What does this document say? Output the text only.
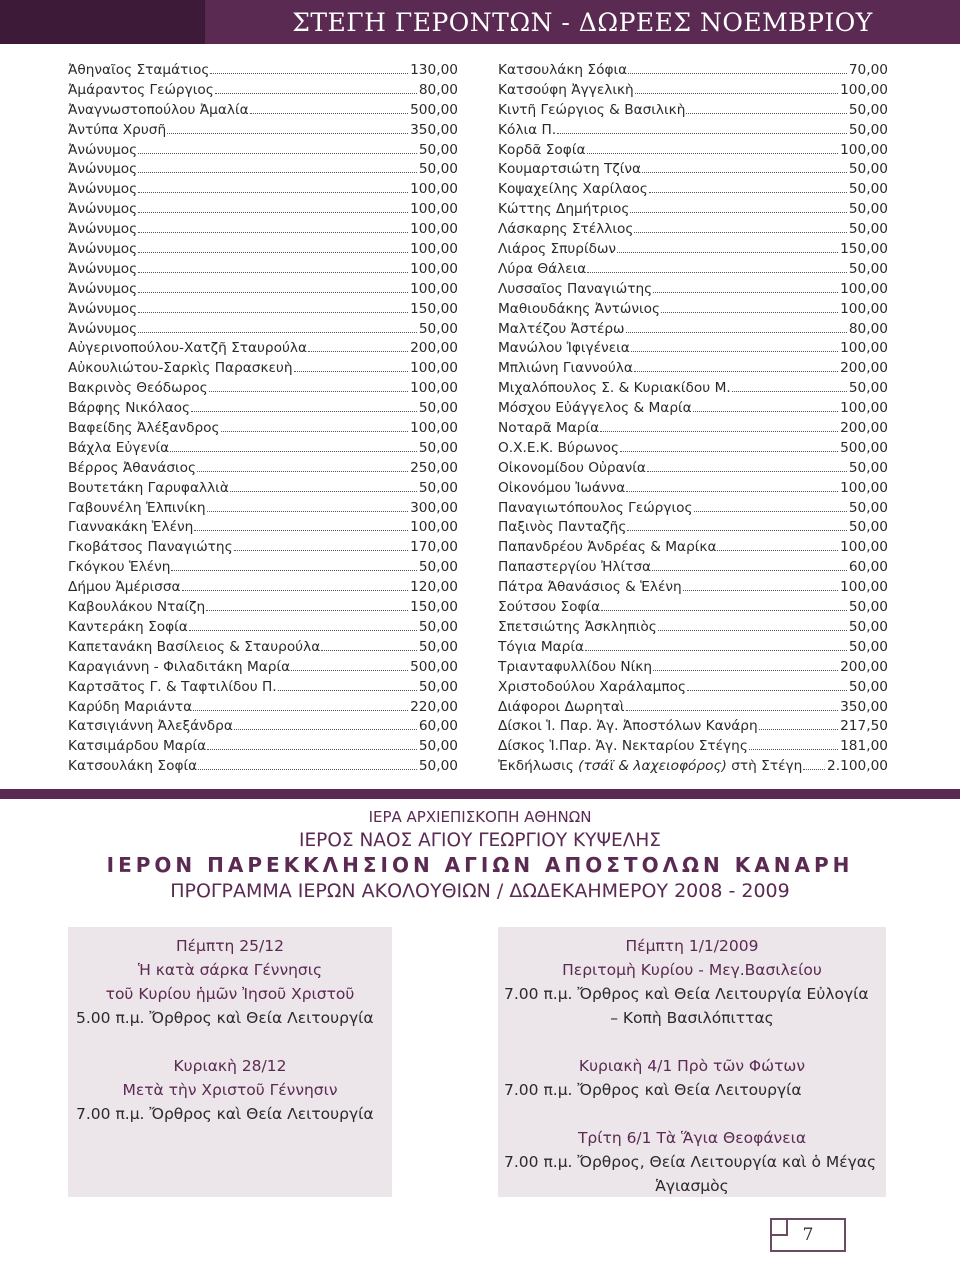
ΣΤΕΓΗ ΓΕΡΟΝΤΩΝ - ΔΩΡΕΕΣ ΝΟΕΜΒΡΙΟΥ
Ἀθηναῖος Σταμάτιος	130,00
Ἀμάραντος Γεώργιος	80,00
Ἀναγνωστοπούλου Ἀμαλία	500,00
Ἀντύπα Χρυσῆ	350,00
Ἀνώνυμος	50,00
Ἀνώνυμος	50,00
Ἀνώνυμος	100,00
Ἀνώνυμος	100,00
Ἀνώνυμος	100,00
Ἀνώνυμος	100,00
Ἀνώνυμος	100,00
Ἀνώνυμος	100,00
Ἀνώνυμος	150,00
Ἀνώνυμος	50,00
Αὐγερινοπούλου-Χατζῆ Σταυρούλα	200,00
Αὐκουλιώτου-Σαρκὶς Παρασκευὴ	100,00
Βακρινὸς Θεόδωρος	100,00
Βάρφης Νικόλαος	50,00
Βαφείδης Ἀλέξανδρος	100,00
Βάχλα Εὐγενία	50,00
Βέρρος Ἀθανάσιος	250,00
Βουτετάκη Γαρυφαλλιὰ	50,00
Γαβουνέλη Ἐλπινίκη	300,00
Γιαννακάκη Ἑλένη	100,00
Γκοβάτσος Παναγιώτης	170,00
Γκόγκου Ἑλένη	50,00
Δήμου Ἀμέρισσα	120,00
Καβουλάκου Νταίζη	150,00
Καντεράκη Σοφία	50,00
Καπετανάκη Βασίλειος & Σταυρούλα	50,00
Καραγιάννη - Φιλαδιτάκη Μαρία	500,00
Καρτσᾶτος Γ. & Ταφτιλίδου Π.	50,00
Καρύδη Μαριάντα	220,00
Κατσιγιάννη Ἀλεξάνδρα	60,00
Κατσιμάρδου Μαρία	50,00
Κατσουλάκη Σοφία	50,00
Κατσουλάκη Σόφια	70,00
Κατσούφη Ἀγγελικὴ	100,00
Κιντῆ Γεώργιος & Βασιλικὴ	50,00
Κόλια Π.	50,00
Κορδᾶ Σοφία	100,00
Κουμαρτσιώτη Τζίνα	50,00
Κοψαχείλης Χαρίλαος	50,00
Κώττης Δημήτριος	50,00
Λάσκαρης Στέλλιος	50,00
Λιάρος Σπυρίδων	150,00
Λύρα Θάλεια	50,00
Λυσσαῖος Παναγιώτης	100,00
Μαθιουδάκης Ἀντώνιος	100,00
Μαλτέζου Ἀστέρω	80,00
Μανώλου Ἰφιγένεια	100,00
Μπλιώνη Γιαννούλα	200,00
Μιχαλόπουλος Σ. & Κυριακίδου Μ.	50,00
Μόσχου Εὐάγγελος & Μαρία	100,00
Νοταρᾶ Μαρία	200,00
Ο.Χ.Ε.Κ. Βύρωνος	500,00
Οἰκονομίδου Οὐρανία	50,00
Οἰκονόμου Ἰωάννα	100,00
Παναγιωτόπουλος Γεώργιος	50,00
Παξινὸς Πανταζῆς	50,00
Παπανδρέου Ἀνδρέας & Μαρίκα	100,00
Παπαστεργίου Ἠλίτσα	60,00
Πάτρα Ἀθανάσιος & Ἑλένη	100,00
Σούτσου Σοφία	50,00
Σπετσιώτης Ἀσκληπιὸς	50,00
Τόγια Μαρία	50,00
Τριανταφυλλίδου Νίκη	200,00
Χριστοδούλου Χαράλαμπος	50,00
Διάφοροι Δωρηταὶ	350,00
Δίσκοι Ἱ. Παρ. Ἁγ. Ἀποστόλων Κανάρη	217,50
Δίσκος Ἱ.Παρ. Ἁγ. Νεκταρίου Στέγης	181,00
Ἐκδήλωσις
(τσάϊ & λαχειοφόρος)
στὴ Στέγη 2.100,00
ΙΕΡΑ ΑΡΧΙΕΠΙΣΚΟΠΗ ΑΘΗΝΩΝ
ΙΕΡΟΣ ΝΑΟΣ ΑΓΙΟΥ ΓΕΩΡΓΙΟΥ ΚΥΨΕΛΗΣ
ΙΕΡΟΝ ΠΑΡΕΚΚΛΗΣΙΟΝ ΑΓΙΩΝ ΑΠΟΣΤΟΛΩΝ ΚΑΝΑΡΗ
ΠΡΟΓΡΑΜΜΑ ΙΕΡΩΝ ΑΚΟΛΟΥΘΙΩΝ / ΔΩΔΕΚΑΗΜΕΡΟΥ 2008 - 2009
Πέμπτη 25/12
Ἡ κατὰ σάρκα Γέννησις
τοῦ Κυρίου ἡμῶν Ἰησοῦ Χριστοῦ
5.00 π.μ. Ὄρθρος καὶ Θεία Λειτουργία
Κυριακὴ 28/12
Μετὰ τὴν Χριστοῦ Γέννησιν
7.00 π.μ. Ὄρθρος καὶ Θεία Λειτουργία
Πέμπτη 1/1/2009
Περιτομὴ Κυρίου - Μεγ.Βασιλείου
7.00 π.μ. Ὄρθρος καὶ Θεία Λειτουργία Εὐλογία
– Κοπὴ Βασιλόπιττας
Κυριακὴ 4/1 Πρὸ τῶν Φώτων
7.00 π.μ. Ὄρθρος καὶ Θεία Λειτουργία
Τρίτη 6/1 Τὰ Ἅγια Θεοφάνεια
7.00 π.μ. Ὄρθρος, Θεία Λειτουργία καὶ ὁ Μέγας
Ἁγιασμὸς
7
